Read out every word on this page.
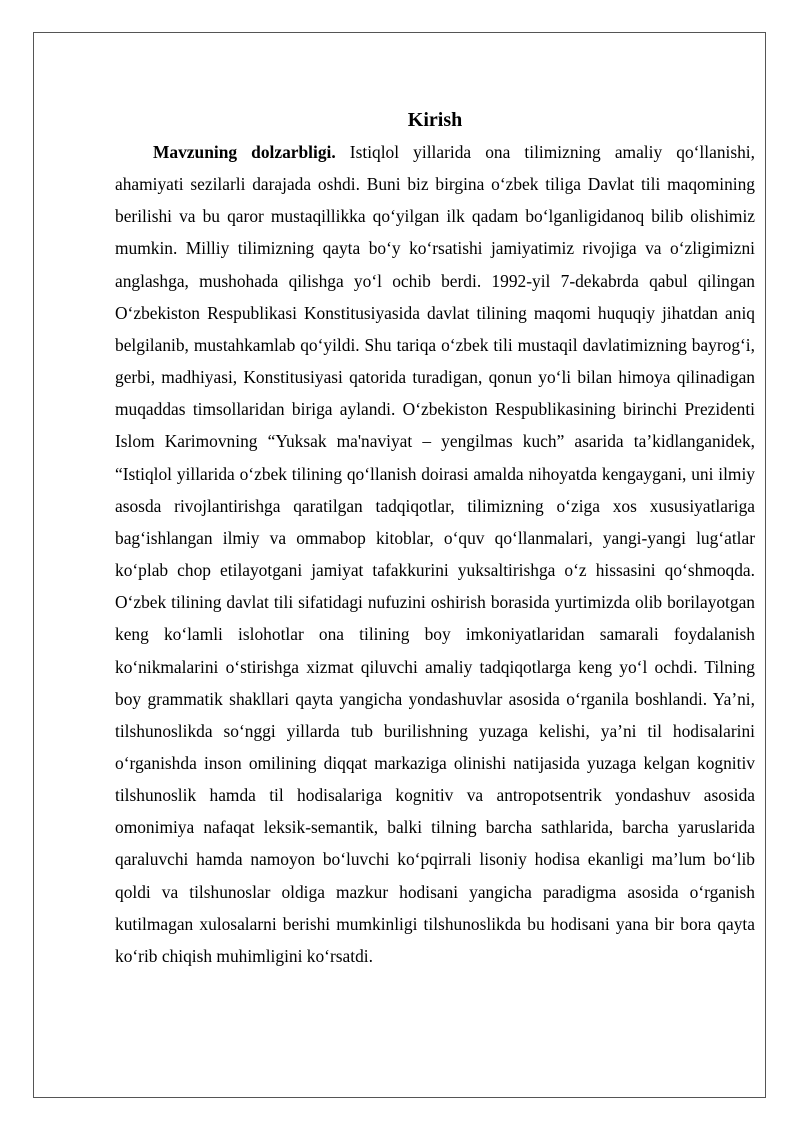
Kirish

Mavzuning dolzarbligi. Istiqlol yillarida ona tilimizning amaliy qo‘llanishi, ahamiyati sezilarli darajada oshdi. Buni biz birgina o‘zbek tiliga Davlat tili maqomining berilishi va bu qaror mustaqillikka qo‘yilgan ilk qadam bo‘lganligidanoq bilib olishimiz mumkin. Milliy tilimizning qayta bo‘y ko‘rsatishi jamiyatimiz rivojiga va o‘zligimizni anglashga, mushohada qilishga yo‘l ochib berdi. 1992-yil 7-dekabrda qabul qilingan O‘zbekiston Respublikasi Konstitusiyasida davlat tilining maqomi huquqiy jihatdan aniq belgilanib, mustahkamlab qo‘yildi. Shu tariqa o‘zbek tili mustaqil davlatimizning bayrog‘i, gerbi, madhiyasi, Konstitusiyasi qatorida turadigan, qonun yo‘li bilan himoya qilinadigan muqaddas timsollaridan biriga aylandi. O‘zbekiston Respublikasining birinchi Prezidenti Islom Karimovning “Yuksak ma'naviyat – yengilmas kuch” asarida ta’kidlanganidek, “Istiqlol yillarida o‘zbek tilining qo‘llanish doirasi amalda nihoyatda kengaygani, uni ilmiy asosda rivojlantirishga qaratilgan tadqiqotlar, tilimizning o‘ziga xos xususiyatlariga bag‘ishlangan ilmiy va ommabop kitoblar, o‘quv qo‘llanmalari, yangi-yangi lug‘atlar ko‘plab chop etilayotgani jamiyat tafakkurini yuksaltirishga o‘z hissasini qo‘shmoqda. O‘zbek tilining davlat tili sifatidagi nufuzini oshirish borasida yurtimizda olib borilayotgan keng ko‘lamli islohotlar ona tilining boy imkoniyatlaridan samarali foydalanish ko‘nikmalarini o‘stirishga xizmat qiluvchi amaliy tadqiqotlarga keng yo‘l ochdi. Tilning boy grammatik shakllari qayta yangicha yondashuvlar asosida o‘rganila boshlandi. Ya’ni, tilshunoslikda so‘nggi yillarda tub burilishning yuzaga kelishi, ya’ni til hodisalarini o‘rganishda inson omilining diqqat markaziga olinishi natijasida yuzaga kelgan kognitiv tilshunoslik hamda til hodisalariga kognitiv va antropotsentrik yondashuv asosida omonimiya nafaqat leksik-semantik, balki tilning barcha sathlarida, barcha yaruslarida qaraluvchi hamda namoyon bo‘luvchi ko‘pqirrali lisoniy hodisa ekanligi ma’lum bo‘lib qoldi va tilshunoslar oldiga mazkur hodisani yangicha paradigma asosida o‘rganish kutilmagan xulosalarni berishi mumkinligi tilshunoslikda bu hodisani yana bir bora qayta ko‘rib chiqish muhimligini ko‘rsatdi.
